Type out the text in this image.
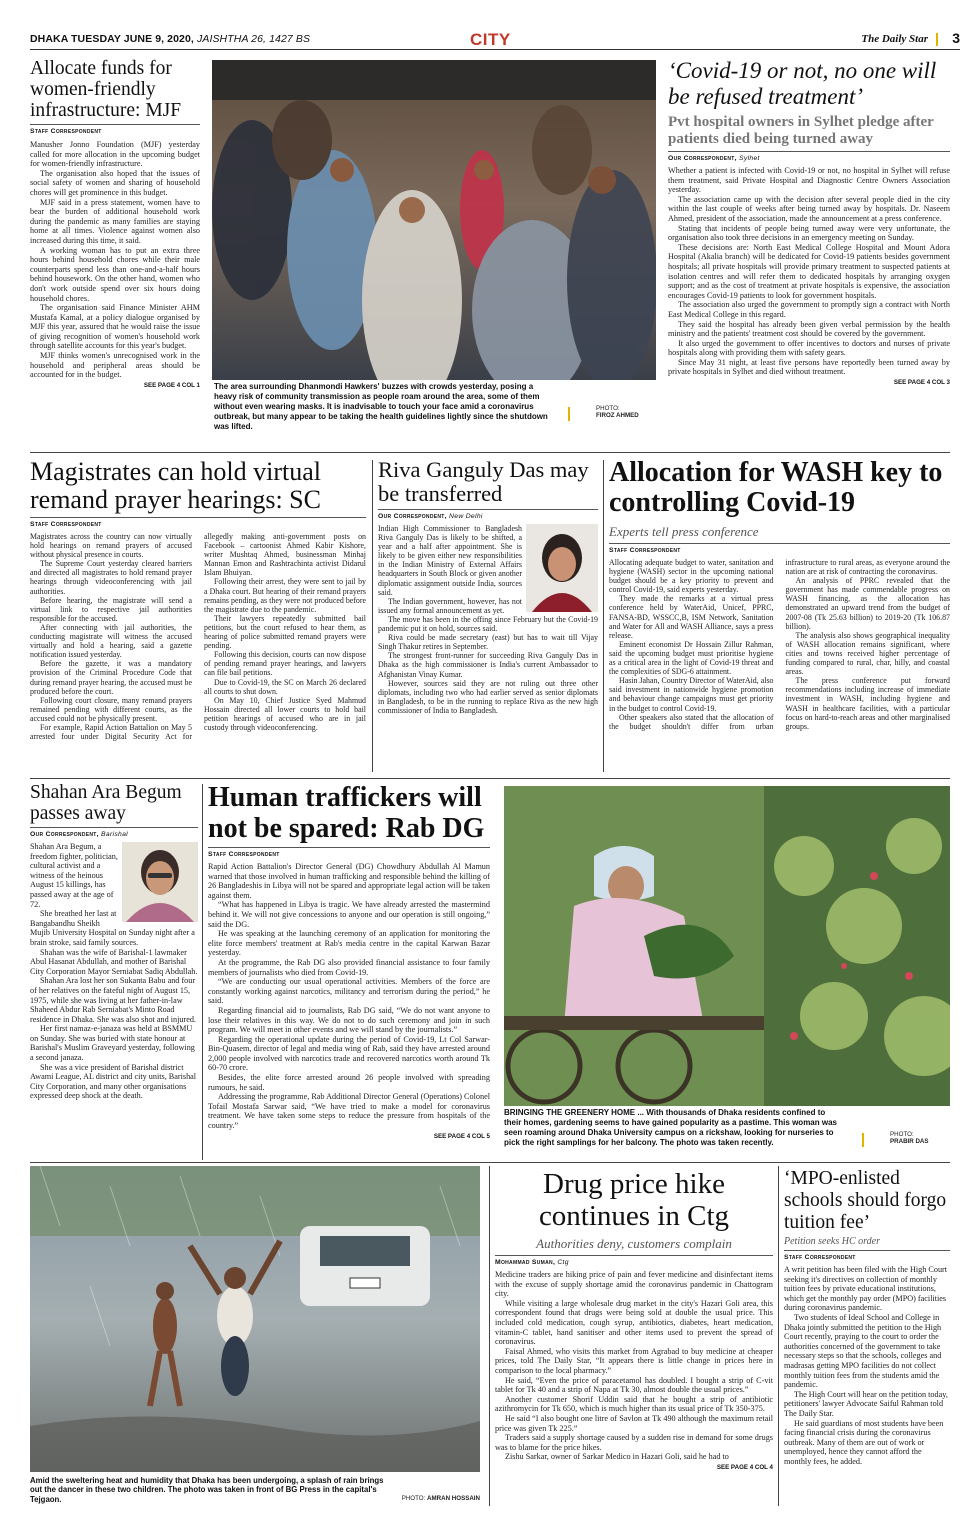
DHAKA TUESDAY JUNE 9, 2020, JAISHTHA 26, 1427 BS	CITY	The Daily Star 3
Allocate funds for women-friendly infrastructure: MJF
Staff Correspondent

Manusher Jonno Foundation (MJF) yesterday called for more allocation in the upcoming budget for women-friendly infrastructure.

The organisation also hoped that the issues of social safety of women and sharing of household chores will get prominence in this budget.

MJF said in a press statement, women have to bear the burden of additional household work during the pandemic as many families are staying home at all times. Violence against women also increased during this time, it said.

A working woman has to put an extra three hours behind household chores while their male counterparts spend less than one-and-a-half hours behind housework. On the other hand, women who don't work outside spend over six hours doing household chores.

The organisation said Finance Minister AHM Mustafa Kamal, at a policy dialogue organised by MJF this year, assured that he would raise the issue of giving recognition of women's household work through satellite accounts for this year's budget.

MJF thinks women's unrecognised work in the household and peripheral areas should be accounted for in the budget.

SEE PAGE 4 COL 1 The area surrounding Dhanmondi Hawkers' buzzes with crowds yesterday, posing a heavy risk of community transmission as people roam around the area, some of them without even wearing masks. It is inadvisable to touch your face amid a coronavirus outbreak, but many appear to be taking the health guidelines lightly since the shutdown was lifted.
PHOTO:
FIROZ AHMED
‘Covid-19 or not, no one will be refused treatment’
Pvt hospital owners in Sylhet pledge after patients died being turned away
Our Correspondent, Sylhet

Whether a patient is infected with Covid-19 or not, no hospital in Sylhet will refuse them treatment, said Private Hospital and Diagnostic Centre Owners Association yesterday.

The association came up with the decision after several people died in the city within the last couple of weeks after being turned away by hospitals. Dr. Naseem Ahmed, president of the association, made the announcement at a press conference.

Stating that incidents of people being turned away were very unfortunate, the organisation also took three decisions in an emergency meeting on Sunday.

These decisions are: North East Medical College Hospital and Mount Adora Hospital (Akalia branch) will be dedicated for Covid-19 patients besides government hospitals; all private hospitals will provide primary treatment to suspected patients at isolation centres and will refer them to dedicated hospitals by arranging oxygen support; and as the cost of treatment at private hospitals is expensive, the association encourages Covid-19 patients to look for government hospitals.

The association also urged the government to promptly sign a contract with North East Medical College in this regard.

They said the hospital has already been given verbal permission by the health ministry and the patients' treatment cost should be covered by the government.

It also urged the government to offer incentives to doctors and nurses of private hospitals along with providing them with safety gears.

Since May 31 night, at least five persons have reportedly been turned away by private hospitals in Sylhet and died without treatment.

SEE PAGE 4 COL 3
Magistrates can hold virtual remand prayer hearings: SC
Staff Correspondent

Magistrates across the country can now virtually hold hearings on remand prayers of accused without physical presence in courts.

The Supreme Court yesterday cleared barriers and directed all magistrates to hold remand prayer hearings through videoconferencing with jail authorities.

Before hearing, the magistrate will send a virtual link to respective jail authorities responsible for the accused.

After connecting with jail authorities, the conducting magistrate will witness the accused virtually and hold a hearing, said a gazette notification issued yesterday.

Before the gazette, it was a mandatory provision of the Criminal Procedure Code that during remand prayer hearing, the accused must be produced before the court.

Following court closure, many remand prayers remained pending with different courts, as the accused could not be physically present.

For example, Rapid Action Battalion on May 5 arrested four under Digital Security Act for allegedly making anti-government posts on Facebook – cartoonist Ahmed Kabir Kishore, writer Mushtaq Ahmed, businessman Minhaj Mannan Emon and Rashtrachinta activist Didarul Islam Bhuiyan.

Following their arrest, they were sent to jail by a Dhaka court. But hearing of their remand prayers remains pending, as they were not produced before the magistrate due to the pandemic.

Their lawyers repeatedly submitted bail petitions, but the court refused to hear them, as hearing of police submitted remand prayers were pending.

Following this decision, courts can now dispose of pending remand prayer hearings, and lawyers can file bail petitions.

Due to Covid-19, the SC on March 26 declared all courts to shut down.

On May 10, Chief Justice Syed Mahmud Hossain directed all lower courts to hold bail petition hearings of accused who are in jail custody through videoconferencing.

Riva Ganguly Das may be transferred
Our Correspondent, New Delhi

Indian High Commissioner to Bangladesh Riva Ganguly Das is likely to be shifted, a year and a half after appointment. She is likely to be given either new responsibilities in the Indian Ministry of External Affairs headquarters in South Block or given another diplomatic assignment outside India, sources said.

The Indian government, however, has not issued any formal announcement as yet.

The move has been in the offing since February but the Covid-19 pandemic put it on hold, sources said.

Riva could be made secretary (east) but has to wait till Vijay Singh Thakur retires in September.

The strongest front-runner for succeeding Riva Ganguly Das in Dhaka as the high commissioner is India's current Ambassador to Afghanistan Vinay Kumar.

However, sources said they are not ruling out three other diplomats, including two who had earlier served as senior diplomats in Bangladesh, to be in the running to replace Riva as the new high commissioner of India to Bangladesh.

Allocation for WASH key to controlling Covid-19
Experts tell press conference
Staff Correspondent

Allocating adequate budget to water, sanitation and hygiene (WASH) sector in the upcoming national budget should be a key priority to prevent and control Covid-19, said experts yesterday.

They made the remarks at a virtual press conference held by WaterAid, Unicef, PPRC, FANSA-BD, WSSCC,B, ISM Network, Sanitation and Water for All and WASH Alliance, says a press release.

Eminent economist Dr Hossain Zillur Rahman, said the upcoming budget must prioritise hygiene as a critical area in the light of Covid-19 threat and the complexities of SDG-6 attainment.

Hasin Jahan, Country Director of WaterAid, also said investment in nationwide hygiene promotion and behaviour change campaigns must get priority in the budget to control Covid-19.

Other speakers also stated that the allocation of the budget shouldn't differ from urban infrastructure to rural areas, as everyone around the nation are at risk of contracting the coronavirus.

An analysis of PPRC revealed that the government has made commendable progress on WASH financing, as the allocation has demonstrated an upward trend from the budget of 2007-08 (Tk 25.63 billion) to 2019-20 (Tk 106.87 billion).

The analysis also shows geographical inequality of WASH allocation remains significant, where cities and towns received higher percentage of funding compared to rural, char, hilly, and coastal areas.

The press conference put forward recommendations including increase of immediate investment in WASH, including hygiene and WASH in healthcare facilities, with a particular focus on hard-to-reach areas and other marginalised groups.

Shahan Ara Begum passes away
Our Correspondent, Barishal

Shahan Ara Begum, a freedom fighter, politician, cultural activist and a witness of the heinous August 15 killings, has passed away at the age of 72.

She breathed her last at Bangabandhu Sheikh Mujib University Hospital on Sunday night after a brain stroke, said family sources.

Shahan was the wife of Barishal-1 lawmaker Abul Hasanat Abdullah, and mother of Barishal City Corporation Mayor Serniabat Sadiq Abdullah.

Shahan Ara lost her son Sukanta Babu and four of her relatives on the fateful night of August 15, 1975, while she was living at her father-in-law Shaheed Abdur Rab Serniabat's Minto Road residence in Dhaka. She was also shot and injured.

Her first namaz-e-janaza was held at BSMMU on Sunday. She was buried with state honour at Barishal's Muslim Graveyard yesterday, following a second janaza.

She was a vice president of Barishal district Awami League, AL district and city units, Barishal City Corporation, and many other organisations expressed deep shock at the death.

Human traffickers will not be spared: Rab DG
Staff Correspondent

Rapid Action Battalion's Director General (DG) Chowdhury Abdullah Al Mamun warned that those involved in human trafficking and responsible behind the killing of 26 Bangladeshis in Libya will not be spared and appropriate legal action will be taken against them.

“What has happened in Libya is tragic. We have already arrested the mastermind behind it. We will not give concessions to anyone and our operation is still ongoing,” said the DG.

He was speaking at the launching ceremony of an application for monitoring the elite force members' treatment at Rab's media centre in the capital Karwan Bazar yesterday.

At the programme, the Rab DG also provided financial assistance to four family members of journalists who died from Covid-19.

“We are conducting our usual operational activities. Members of the force are constantly working against narcotics, militancy and terrorism during the period,” he said.

Regarding financial aid to journalists, Rab DG said, “We do not want anyone to lose their relatives in this way. We do not to do such ceremony and join in such program. We will meet in other events and we will stand by the journalists.”

Regarding the operational update during the period of Covid-19, Lt Col Sarwar-Bin-Quasem, director of legal and media wing of Rab, said they have arrested around 2,000 people involved with narcotics trade and recovered narcotics worth around Tk 60-70 crore.

Besides, the elite force arrested around 26 people involved with spreading rumours, he said.

Addressing the programme, Rab Additional Director General (Operations) Colonel Tofail Mostafa Sarwar said, “We have tried to make a model for coronavirus treatment. We have taken some steps to reduce the pressure from hospitals of the country.”

SEE PAGE 4 COL 5
BRINGING THE GREENERY HOME ... With thousands of Dhaka residents confined to their homes, gardening seems to have gained popularity as a pastime. This woman was seen roaming around Dhaka University campus on a rickshaw, looking for nurseries to pick the right samplings for her balcony. The photo was taken recently.
PHOTO:
PRABIR DAS
Amid the sweltering heat and humidity that Dhaka has been undergoing, a splash of rain brings out the dancer in these two children. The photo was taken in front of BG Press in the capital's Tejgaon.	PHOTO: AMRAN HOSSAIN
Drug price hike continues in Ctg
Authorities deny, customers complain
Mohammad Suman, Ctg

Medicine traders are hiking price of pain and fever medicine and disinfectant items with the excuse of supply shortage amid the coronavirus pandemic in Chattogram city.

While visiting a large wholesale drug market in the city's Hazari Goli area, this correspondent found that drugs were being sold at double the usual price. This included cold medication, cough syrup, antibiotics, diabetes, heart medication, vitamin-C tablet, hand sanitiser and other items used to prevent the spread of coronavirus.

Faisal Ahmed, who visits this market from Agrabad to buy medicine at cheaper prices, told The Daily Star, “It appears there is little change in prices here in comparison to the local pharmacy.”

He said, “Even the price of paracetamol has doubled. I bought a strip of C-vit tablet for Tk 40 and a strip of Napa at Tk 30, almost double the usual prices.”

Another customer Shorif Uddin said that he bought a strip of antibiotic azithromycin for Tk 650, which is much higher than its usual price of Tk 350-375.

He said “I also bought one litre of Savlon at Tk 490 although the maximum retail price was given Tk 225.”

Traders said a supply shortage caused by a sudden rise in demand for some drugs was to blame for the price hikes.

Zishu Sarkar, owner of Sarkar Medico in Hazari Goli, said he had to

SEE PAGE 4 COL 4
‘MPO-enlisted schools should forgo tuition fee’
Petition seeks HC order
Staff Correspondent

A writ petition has been filed with the High Court seeking it's directives on collection of monthly tuition fees by private educational institutions, which get the monthly pay order (MPO) facilities during coronavirus pandemic.

Two students of Ideal School and College in Dhaka jointly submitted the petition to the High Court recently, praying to the court to order the authorities concerned of the government to take necessary steps so that the schools, colleges and madrasas getting MPO facilities do not collect monthly tuition fees from the students amid the pandemic.

The High Court will hear on the petition today, petitioners' lawyer Advocate Saiful Rahman told The Daily Star.

He said guardians of most students have been facing financial crisis during the coronavirus outbreak. Many of them are out of work or unemployed, hence they cannot afford the monthly fees, he added.
